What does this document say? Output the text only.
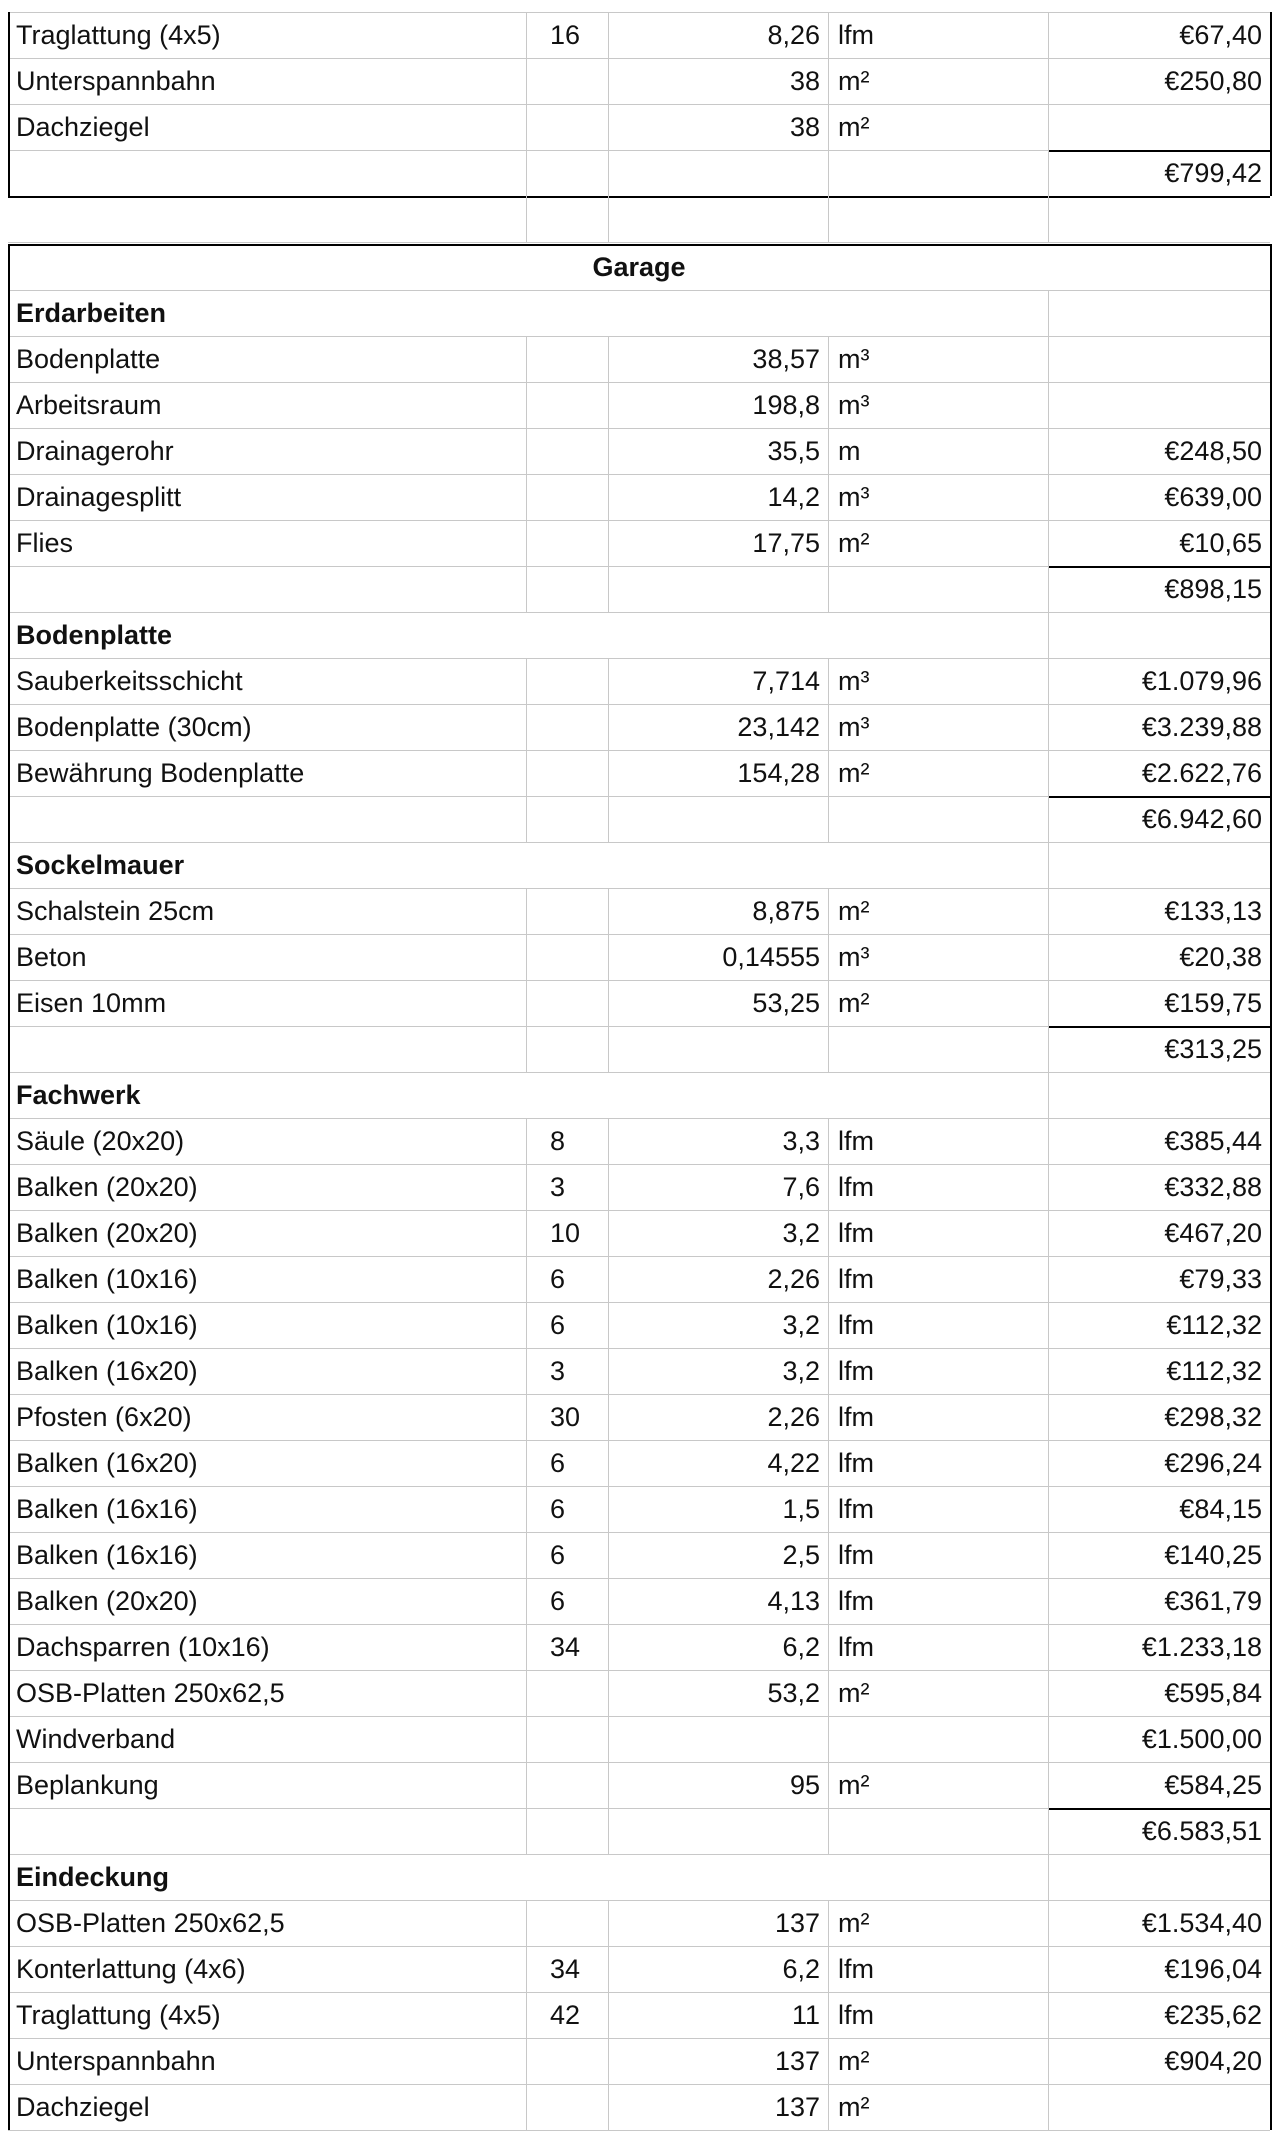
Traglattung (4x5)	16	8,26 lfm	€67,40
Unterspannbahn	38 m²	€250,80
Dachziegel	38 m²
€799,42
Garage
Erdarbeiten
Bodenplatte	38,57 m³
Arbeitsraum	198,8 m³
Drainagerohr	35,5 m	€248,50
Drainagesplitt	14,2 m³	€639,00
Flies	17,75 m²	€10,65
€898,15
Bodenplatte
Sauberkeitsschicht	7,714 m³	€1.079,96
Bodenplatte (30cm)	23,142 m³	€3.239,88
Bewährung Bodenplatte	154,28 m²	€2.622,76
€6.942,60
Sockelmauer
Schalstein 25cm	8,875 m²	€133,13
Beton	0,14555 m³	€20,38
Eisen 10mm	53,25 m²	€159,75
€313,25
Fachwerk
Säule (20x20)	8	3,3 lfm	€385,44
Balken (20x20)	3	7,6 lfm	€332,88
Balken (20x20)	10	3,2 lfm	€467,20
Balken (10x16)	6	2,26 lfm	€79,33
Balken (10x16)	6	3,2 lfm	€112,32
Balken (16x20)	3	3,2 lfm	€112,32
Pfosten (6x20)	30	2,26 lfm	€298,32
Balken (16x20)	6	4,22 lfm	€296,24
Balken (16x16)	6	1,5 lfm	€84,15
Balken (16x16)	6	2,5 lfm	€140,25
Balken (20x20)	6	4,13 lfm	€361,79
Dachsparren (10x16)	34	6,2 lfm	€1.233,18
OSB-Platten 250x62,5	53,2 m²	€595,84
Windverband	€1.500,00
Beplankung	95 m²	€584,25
€6.583,51
Eindeckung
OSB-Platten 250x62,5	137 m²	€1.534,40
Konterlattung (4x6)	34	6,2 lfm	€196,04
Traglattung (4x5)	42	11 lfm	€235,62
Unterspannbahn	137 m²	€904,20
Dachziegel	137 m²
